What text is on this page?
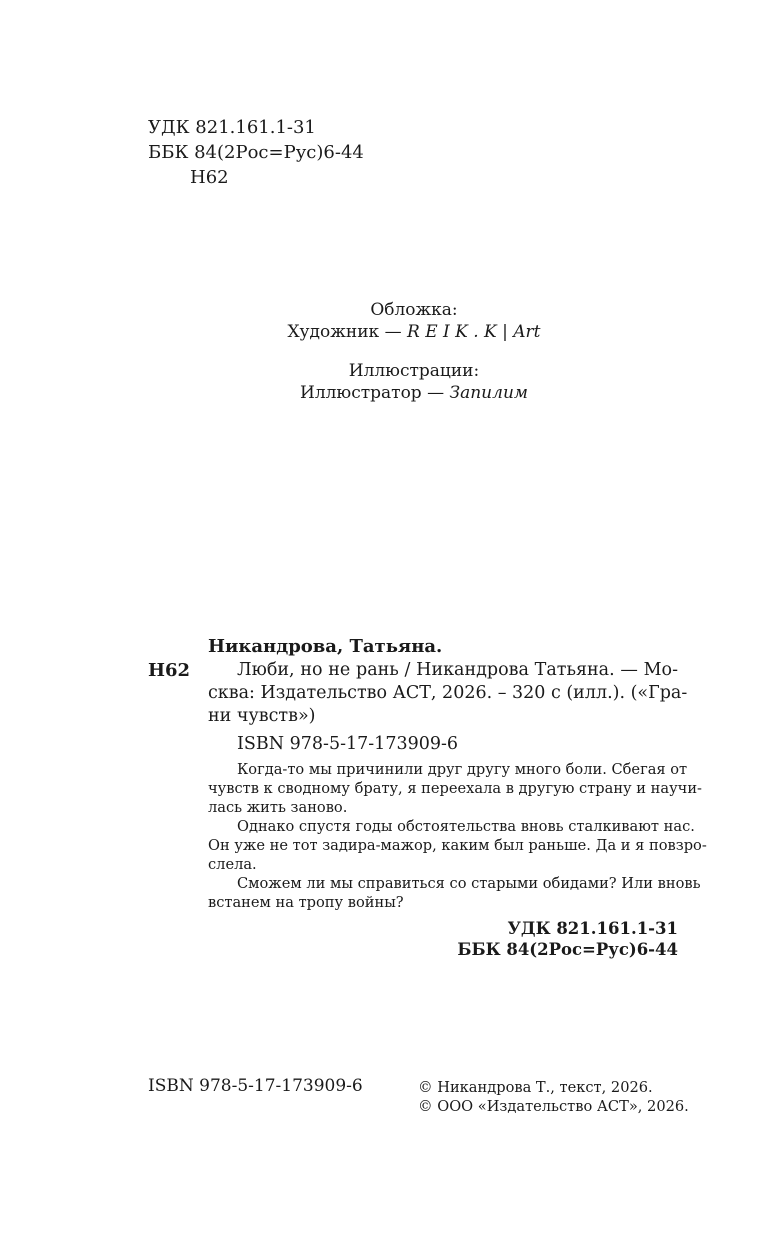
УДК 821.161.1-31
ББК 84(2Рос=Рус)6-44
Н62
Обложка:
Художник — R E I K . K | Art
Иллюстрации:
Иллюстратор — Запилим
Никандрова, Татьяна.
Н62	Люби, но не рань / Никандрова Татьяна. — Мо-
сква: Издательство АСТ, 2026. – 320 с (илл.). («Гра-
ни чувств»)
ISBN 978-5-17-173909-6
Когда-то мы причинили друг другу много боли. Сбегая от
чувств к сводному брату, я переехала в другую страну и научи-
лась жить заново.
Однако спустя годы обстоятельства вновь сталкивают нас.
Он уже не тот задира-мажор, каким был раньше. Да и я повзро-
слела.
Сможем ли мы справиться со старыми обидами? Или вновь
встанем на тропу войны?
УДК 821.161.1-31
ББК 84(2Рос=Рус)6-44
ISBN 978-5-17-173909-6	© Никандрова Т., текст, 2026.
© ООО «Издательство АСТ», 2026.
